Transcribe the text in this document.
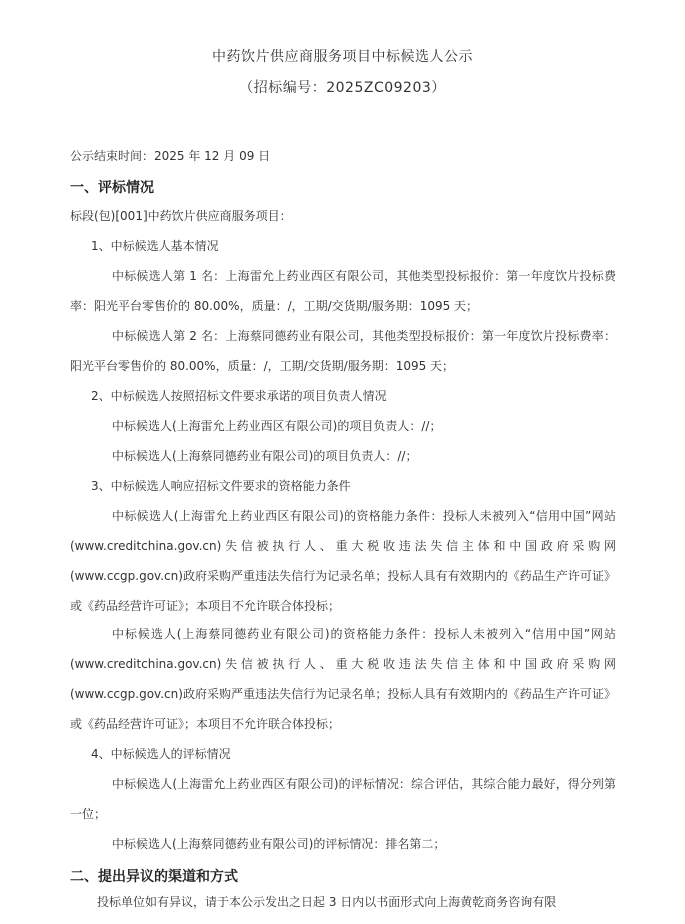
中药饮片供应商服务项目中标候选人公示
（招标编号：2025ZC09203）
公示结束时间：2025 年 12 月 09 日
一、评标情况
标段(包)[001]中药饮片供应商服务项目：
1、中标候选人基本情况
中标候选人第 1 名：上海雷允上药业西区有限公司，其他类型投标报价：第一年度饮片投标费率：阳光平台零售价的 80.00%，质量：/，工期/交货期/服务期：1095 天；
中标候选人第 2 名：上海蔡同德药业有限公司，其他类型投标报价：第一年度饮片投标费率：阳光平台零售价的 80.00%，质量：/，工期/交货期/服务期：1095 天；
2、中标候选人按照招标文件要求承诺的项目负责人情况
中标候选人(上海雷允上药业西区有限公司)的项目负责人：//；
中标候选人(上海蔡同德药业有限公司)的项目负责人：//；
3、中标候选人响应招标文件要求的资格能力条件
中标候选人(上海雷允上药业西区有限公司)的资格能力条件：投标人未被列入“信用中国”网站(www.creditchina.gov.cn)失信被执行人、重大税收违法失信主体和中国政府采购网(www.ccgp.gov.cn)政府采购严重违法失信行为记录名单；投标人具有有效期内的《药品生产许可证》或《药品经营许可证》；本项目不允许联合体投标；
中标候选人(上海蔡同德药业有限公司)的资格能力条件：投标人未被列入“信用中国”网站(www.creditchina.gov.cn)失信被执行人、重大税收违法失信主体和中国政府采购网(www.ccgp.gov.cn)政府采购严重违法失信行为记录名单；投标人具有有效期内的《药品生产许可证》或《药品经营许可证》；本项目不允许联合体投标；
4、中标候选人的评标情况
中标候选人(上海雷允上药业西区有限公司)的评标情况：综合评估，其综合能力最好，得分列第一位；
中标候选人(上海蔡同德药业有限公司)的评标情况：排名第二；
二、提出异议的渠道和方式
投标单位如有异议，请于本公示发出之日起 3 日内以书面形式向上海黄乾商务咨询有限
